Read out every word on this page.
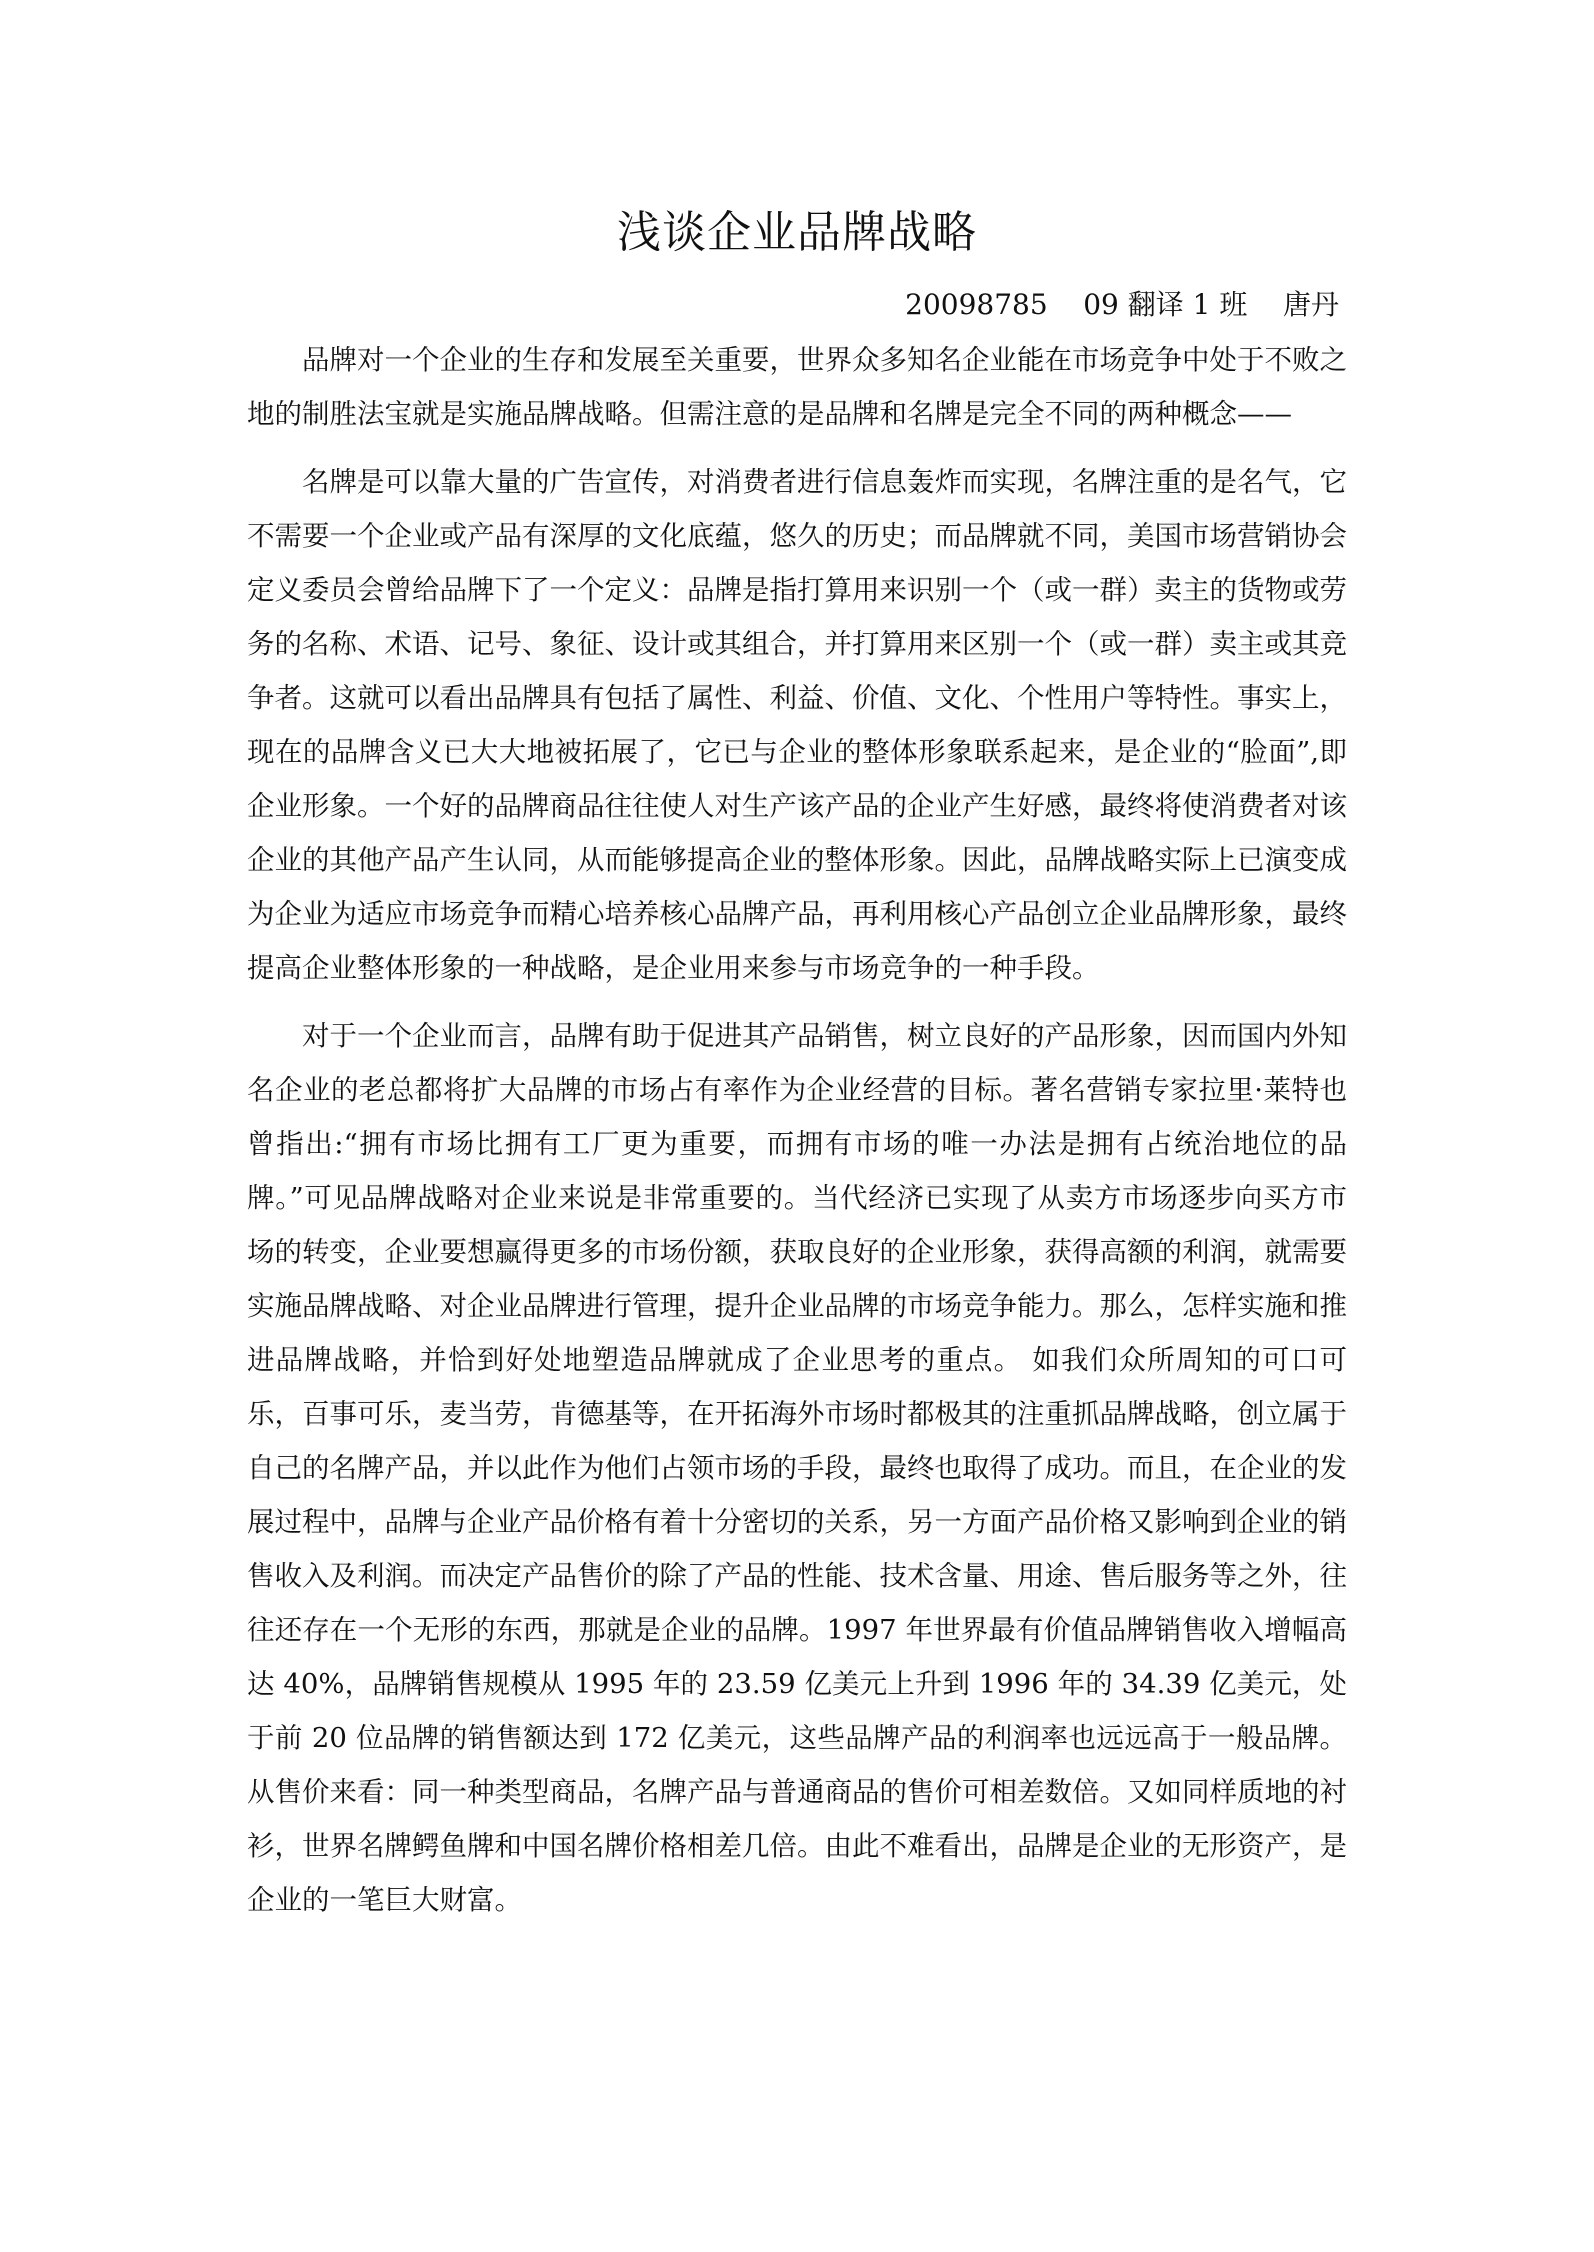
浅谈企业品牌战略
20098785    09 翻译 1 班    唐丹

品牌对一个企业的生存和发展至关重要，世界众多知名企业能在市场竞争中处于不败之地的制胜法宝就是实施品牌战略。但需注意的是品牌和名牌是完全不同的两种概念——

名牌是可以靠大量的广告宣传，对消费者进行信息轰炸而实现，名牌注重的是名气，它不需要一个企业或产品有深厚的文化底蕴，悠久的历史；而品牌就不同，美国市场营销协会定义委员会曾给品牌下了一个定义：品牌是指打算用来识别一个（或一群）卖主的货物或劳务的名称、术语、记号、象征、设计或其组合，并打算用来区别一个（或一群）卖主或其竞争者。这就可以看出品牌具有包括了属性、利益、价值、文化、个性用户等特性。事实上，现在的品牌含义已大大地被拓展了，它已与企业的整体形象联系起来，是企业的“脸面”,即企业形象。一个好的品牌商品往往使人对生产该产品的企业产生好感，最终将使消费者对该企业的其他产品产生认同，从而能够提高企业的整体形象。因此，品牌战略实际上已演变成为企业为适应市场竞争而精心培养核心品牌产品，再利用核心产品创立企业品牌形象，最终提高企业整体形象的一种战略，是企业用来参与市场竞争的一种手段。

对于一个企业而言，品牌有助于促进其产品销售，树立良好的产品形象，因而国内外知名企业的老总都将扩大品牌的市场占有率作为企业经营的目标。著名营销专家拉里·莱特也曾指出:“拥有市场比拥有工厂更为重要，而拥有市场的唯一办法是拥有占统治地位的品牌。”可见品牌战略对企业来说是非常重要的。当代经济已实现了从卖方市场逐步向买方市场的转变，企业要想赢得更多的市场份额，获取良好的企业形象，获得高额的利润，就需要实施品牌战略、对企业品牌进行管理，提升企业品牌的市场竞争能力。那么，怎样实施和推进品牌战略，并恰到好处地塑造品牌就成了企业思考的重点。 如我们众所周知的可口可乐，百事可乐，麦当劳，肯德基等，在开拓海外市场时都极其的注重抓品牌战略，创立属于自己的名牌产品，并以此作为他们占领市场的手段，最终也取得了成功。而且，在企业的发展过程中，品牌与企业产品价格有着十分密切的关系，另一方面产品价格又影响到企业的销售收入及利润。而决定产品售价的除了产品的性能、技术含量、用途、售后服务等之外，往往还存在一个无形的东西，那就是企业的品牌。1997 年世界最有价值品牌销售收入增幅高达 40%，品牌销售规模从 1995 年的 23.59 亿美元上升到 1996 年的 34.39 亿美元，处于前 20 位品牌的销售额达到 172 亿美元，这些品牌产品的利润率也远远高于一般品牌。从售价来看：同一种类型商品，名牌产品与普通商品的售价可相差数倍。又如同样质地的衬衫，世界名牌鳄鱼牌和中国名牌价格相差几倍。由此不难看出，品牌是企业的无形资产，是企业的一笔巨大财富。
